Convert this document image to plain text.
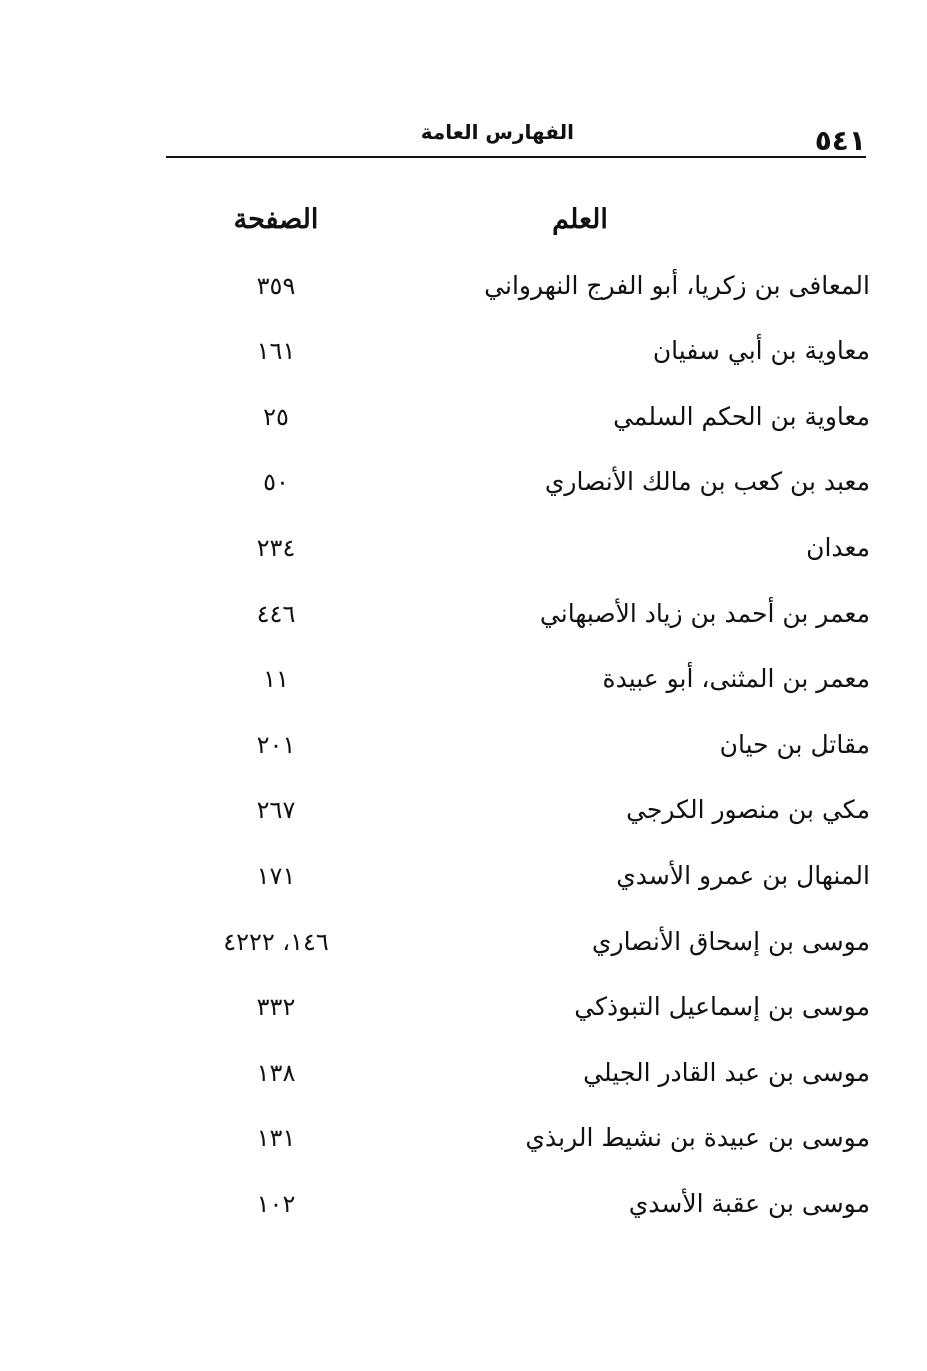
٥٤١
الفهارس العامة
العلم
الصفحة
المعافى بن زكريا، أبو الفرج النهرواني
٣٥٩
معاوية بن أبي سفيان
١٦١
معاوية بن الحكم السلمي
٢٥
معبد بن كعب بن مالك الأنصاري
٥٠
معدان
٢٣٤
معمر بن أحمد بن زياد الأصبهاني
٤٤٦
معمر بن المثنى، أبو عبيدة
١١
مقاتل بن حيان
٢٠١
مكي بن منصور الكرجي
٢٦٧
المنهال بن عمرو الأسدي
١٧١
موسى بن إسحاق الأنصاري
١٤٦، ٤٢٢٢
موسى بن إسماعيل التبوذكي
٣٣٢
موسى بن عبد القادر الجيلي
١٣٨
موسى بن عبيدة بن نشيط الربذي
١٣١
موسى بن عقبة الأسدي
١٠٢
